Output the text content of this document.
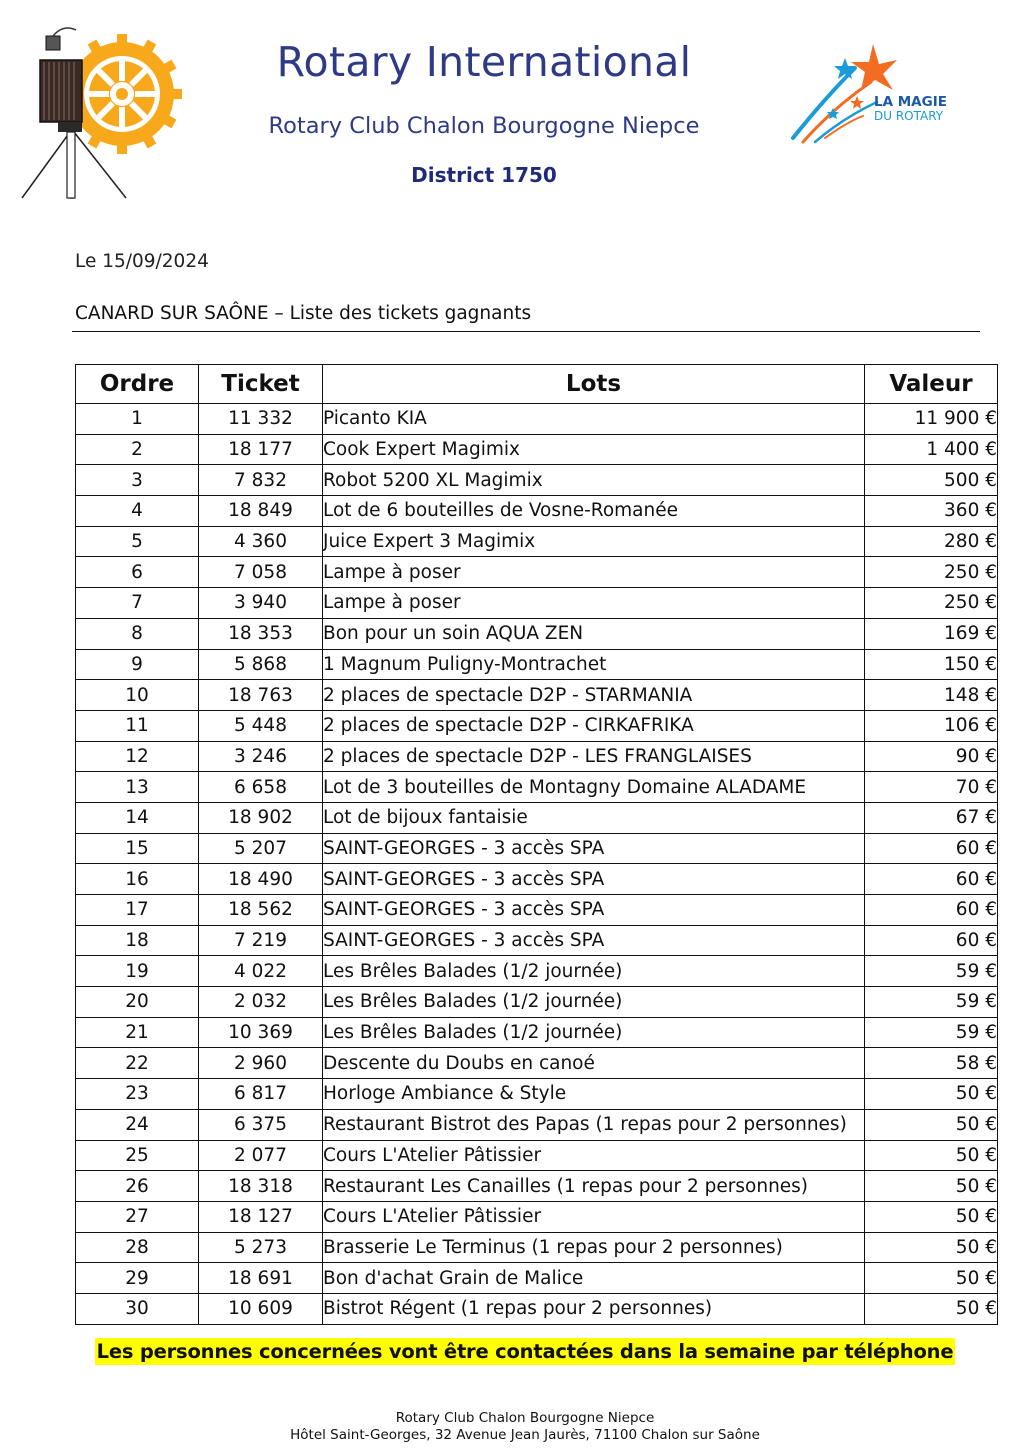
Rotary International
Rotary Club Chalon Bourgogne Niepce
District 1750
LA MAGIE
DU ROTARY
Le 15/09/2024
CANARD SUR SAÔNE – Liste des tickets gagnants
Ordre	Ticket	Lots	Valeur
1	11 332	Picanto KIA	11 900 €
2	18 177	Cook Expert Magimix	1 400 €
3	7 832	Robot 5200 XL Magimix	500 €
4	18 849	Lot de 6 bouteilles de Vosne-Romanée	360 €
5	4 360	Juice Expert 3 Magimix	280 €
6	7 058	Lampe à poser	250 €
7	3 940	Lampe à poser	250 €
8	18 353	Bon pour un soin AQUA ZEN	169 €
9	5 868	1 Magnum Puligny-Montrachet	150 €
10	18 763	2 places de spectacle D2P - STARMANIA	148 €
11	5 448	2 places de spectacle D2P - CIRKAFRIKA	106 €
12	3 246	2 places de spectacle D2P - LES FRANGLAISES	90 €
13	6 658	Lot de 3 bouteilles de Montagny Domaine ALADAME	70 €
14	18 902	Lot de bijoux fantaisie	67 €
15	5 207	SAINT-GEORGES - 3 accès SPA	60 €
16	18 490	SAINT-GEORGES - 3 accès SPA	60 €
17	18 562	SAINT-GEORGES - 3 accès SPA	60 €
18	7 219	SAINT-GEORGES - 3 accès SPA	60 €
19	4 022	Les Brêles Balades (1/2 journée)	59 €
20	2 032	Les Brêles Balades (1/2 journée)	59 €
21	10 369	Les Brêles Balades (1/2 journée)	59 €
22	2 960	Descente du Doubs en canoé	58 €
23	6 817	Horloge Ambiance & Style	50 €
24	6 375	Restaurant Bistrot des Papas (1 repas pour 2 personnes)	50 €
25	2 077	Cours L'Atelier Pâtissier	50 €
26	18 318	Restaurant Les Canailles (1 repas pour 2 personnes)	50 €
27	18 127	Cours L'Atelier Pâtissier	50 €
28	5 273	Brasserie Le Terminus (1 repas pour 2 personnes)	50 €
29	18 691	Bon d'achat Grain de Malice	50 €
30	10 609	Bistrot Régent (1 repas pour 2 personnes)	50 €
Les personnes concernées vont être contactées dans la semaine par téléphone
Rotary Club Chalon Bourgogne Niepce
Hôtel Saint-Georges, 32 Avenue Jean Jaurès, 71100 Chalon sur Saône
